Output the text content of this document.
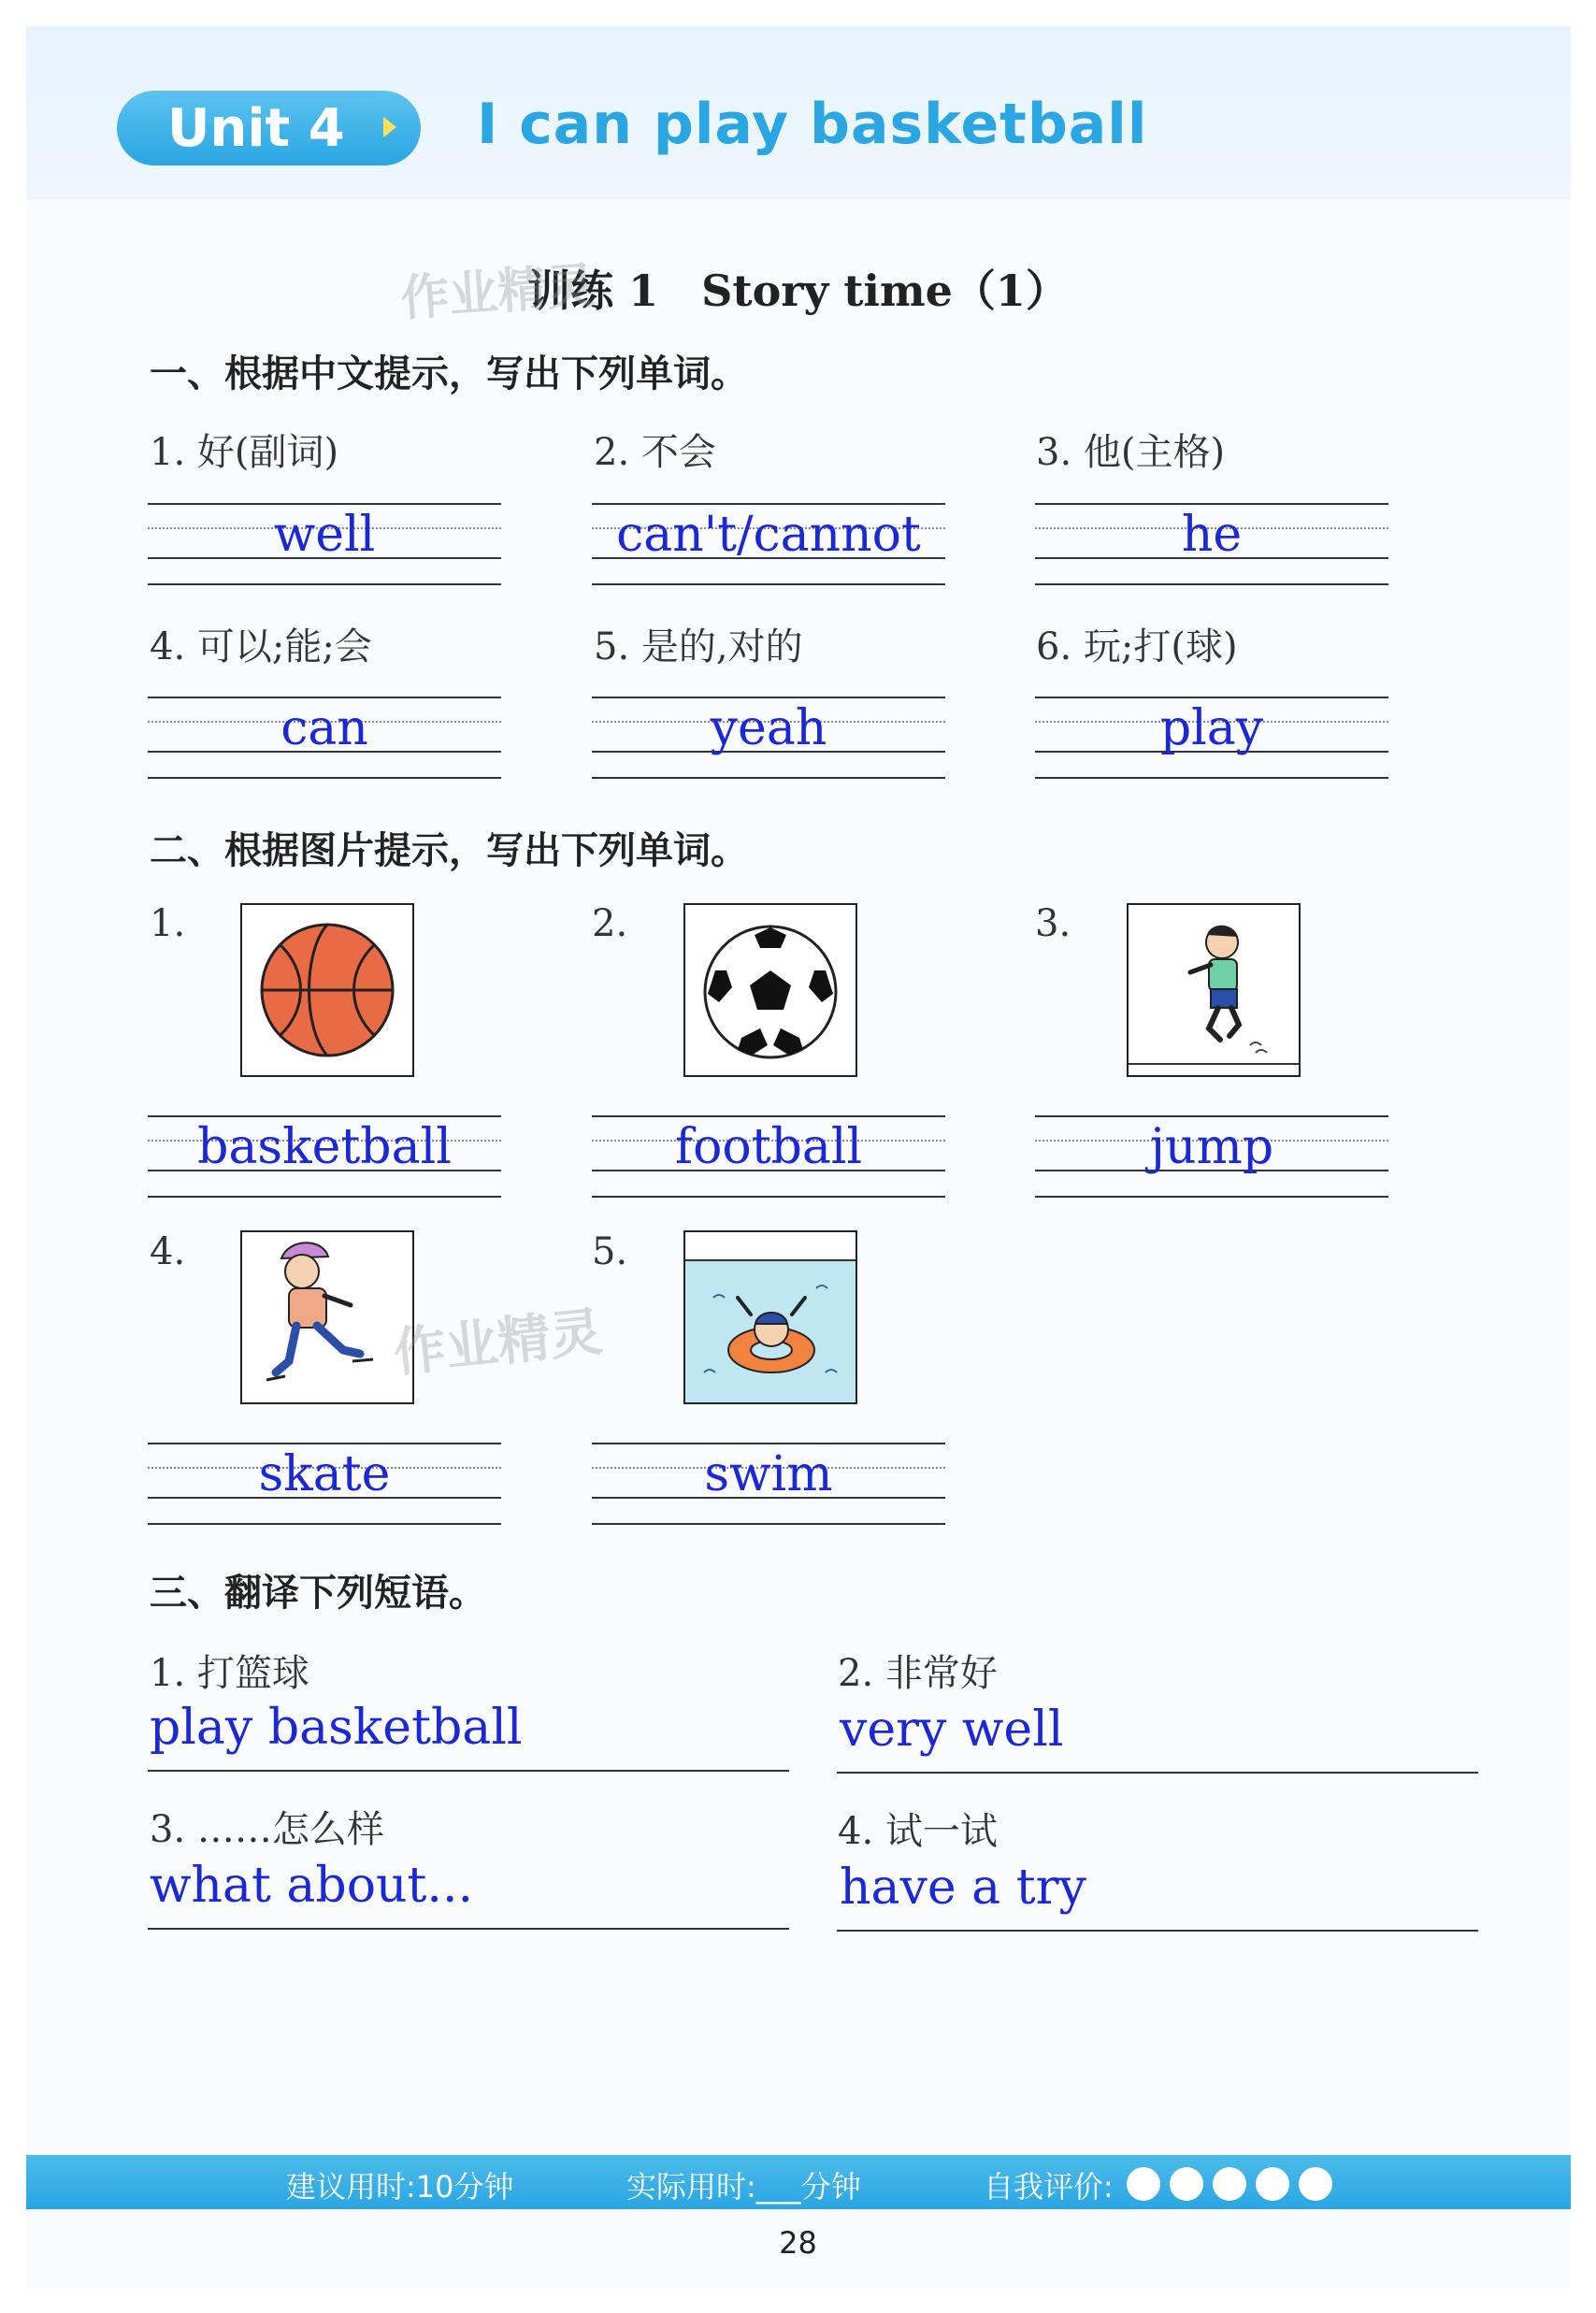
Unit 4 I can play basketball
训练 1　Story time（1）
作业精灵
一、根据中文提示，写出下列单词。
1. 好(副词)	2. 不会	3. 他(主格)
well	can't/cannot	he
4. 可以;能;会	5. 是的,对的	6. 玩;打(球)
can	yeah	play
二、根据图片提示，写出下列单词。
1.	2.	3.
basketball	football	jump
4.	5.
作业精灵
skate	swim
三、翻译下列短语。
1. 打篮球	2. 非常好
play basketball	very well
3. ……怎么样	4. 试一试
what about...	have a try
建议用时:10分钟	实际用时:___分钟	自我评价:
28
